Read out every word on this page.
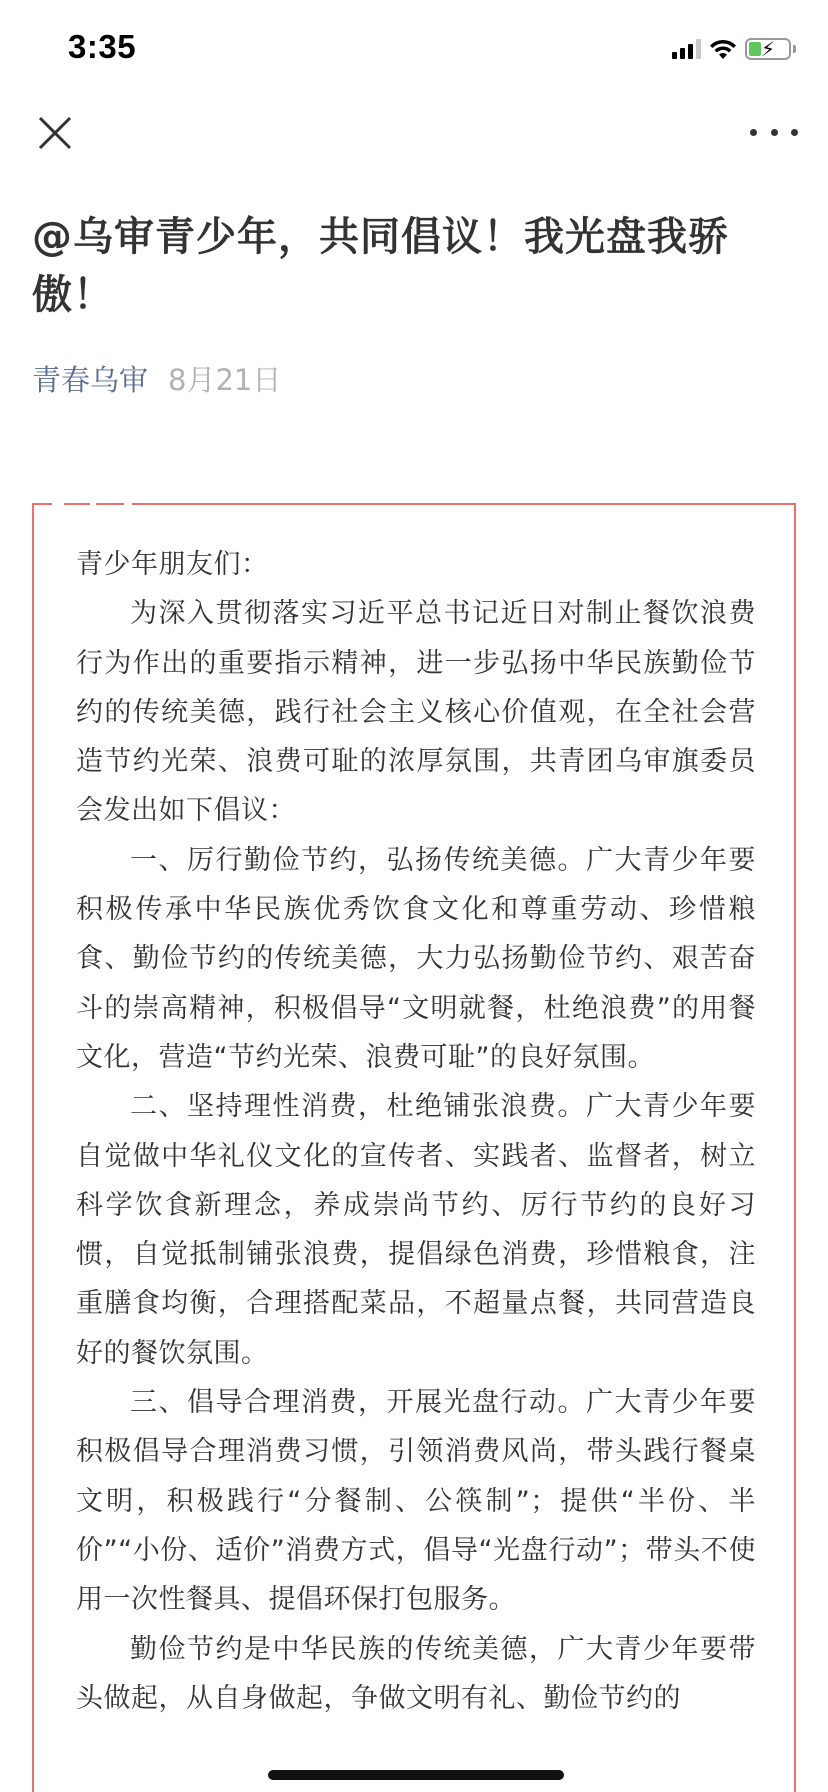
3:35	⚡
@乌审青少年，共同倡议！我光盘我骄傲！
青春乌审 8月21日

青少年朋友们：

为深入贯彻落实习近平总书记近日对制止餐饮浪费行为作出的重要指示精神，进一步弘扬中华民族勤俭节约的传统美德，践行社会主义核心价值观，在全社会营造节约光荣、浪费可耻的浓厚氛围，共青团乌审旗委员会发出如下倡议：

一、厉行勤俭节约，弘扬传统美德。广大青少年要积极传承中华民族优秀饮食文化和尊重劳动、珍惜粮食、勤俭节约的传统美德，大力弘扬勤俭节约、艰苦奋斗的崇高精神，积极倡导“文明就餐，杜绝浪费”的用餐文化，营造“节约光荣、浪费可耻”的良好氛围。

二、坚持理性消费，杜绝铺张浪费。广大青少年要自觉做中华礼仪文化的宣传者、实践者、监督者，树立科学饮食新理念，养成崇尚节约、厉行节约的良好习惯，自觉抵制铺张浪费，提倡绿色消费，珍惜粮食，注重膳食均衡，合理搭配菜品，不超量点餐，共同营造良好的餐饮氛围。

三、倡导合理消费，开展光盘行动。广大青少年要积极倡导合理消费习惯，引领消费风尚，带头践行餐桌文明，积极践行“分餐制、公筷制”；提供“半份、半价”“小份、适价”消费方式，倡导“光盘行动”；带头不使用一次性餐具、提倡环保打包服务。

勤俭节约是中华民族的传统美德，广大青少年要带头做起，从自身做起，争做文明有礼、勤俭节约的
